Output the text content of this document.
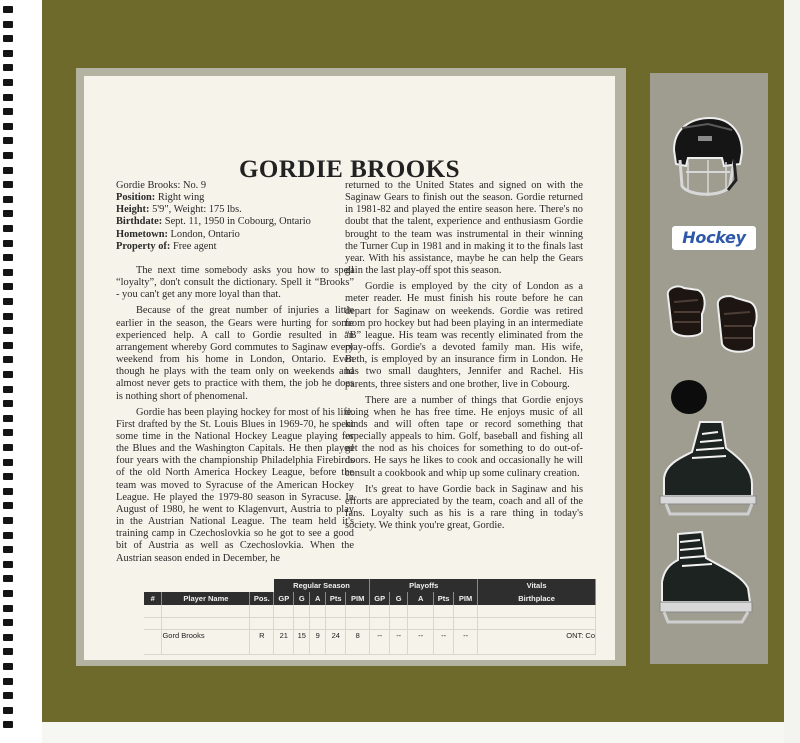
GORDIE BROOKS
Gordie Brooks: No. 9
Position: Right wing
Height: 5'9", Weight: 175 lbs.
Birthdate: Sept. 11, 1950 in Cobourg, Ontario
Hometown: London, Ontario
Property of: Free agent

The next time somebody asks you how to spell “loyalty”, don't consult the dictionary. Spell it “Brooks” - you can't get any more loyal than that.

Because of the great number of injuries a little earlier in the season, the Gears were hurting for some experienced help. A call to Gordie resulted in an arrangement whereby Gord commutes to Saginaw every weekend from his home in London, Ontario. Even though he plays with the team only on weekends and almost never gets to practice with them, the job he does is nothing short of phenomenal.

Gordie has been playing hockey for most of his life. First drafted by the St. Louis Blues in 1969-70, he spent some time in the National Hockey League playing for the Blues and the Washington Capitals. He then played four years with the championship Philadelphia Firebirds of the old North America Hockey League, before the team was moved to Syracuse of the American Hockey League. He played the 1979-80 season in Syracuse. In August of 1980, he went to Klagenvurt, Austria to play in the Austrian National League. The team held it's training camp in Czechoslovkia so he got to see a good bit of Austria as well as Czechoslovkia. When the Austrian season ended in December, he

returned to the United States and signed on with the Saginaw Gears to finish out the season. Gordie returned in 1981-82 and played the entire season here. There's no doubt that the talent, experience and enthusiasm Gordie brought to the team was instrumental in their winning the Turner Cup in 1981 and in making it to the finals last year. With his assistance, maybe he can help the Gears gain the last play-off spot this season.

Gordie is employed by the city of London as a meter reader. He must finish his route before he can depart for Saginaw on weekends. Gordie was retired from pro hockey but had been playing in an intermediate “B” league. His team was recently eliminated from the play-offs. Gordie's a devoted family man. His wife, Beth, is employed by an insurance firm in London. He has two small daughters, Jennifer and Rachel. His parents, three sisters and one brother, live in Cobourg.

There are a number of things that Gordie enjoys doing when he has free time. He enjoys music of all kinds and will often tape or record something that especially appeals to him. Golf, baseball and fishing all get the nod as his choices for something to do out-of-doors. He says he likes to cook and occasionally he will consult a cookbook and whip up some culinary creation.

It's great to have Gordie back in Saginaw and his efforts are appreciated by the team, coach and all of the fans. Loyalty such as his is a rare thing in today's society. We think you're great, Gordie.

			Regular Season					Playoffs					Vitals
#	Player Name	Pos.	GP	G	A	Pts	PIM	GP	G	A	Pts	PIM	Birthplace

	Gord Brooks	R	21	15	9	24	8	--	--	--	--	--	ONT: Co

Hockey
